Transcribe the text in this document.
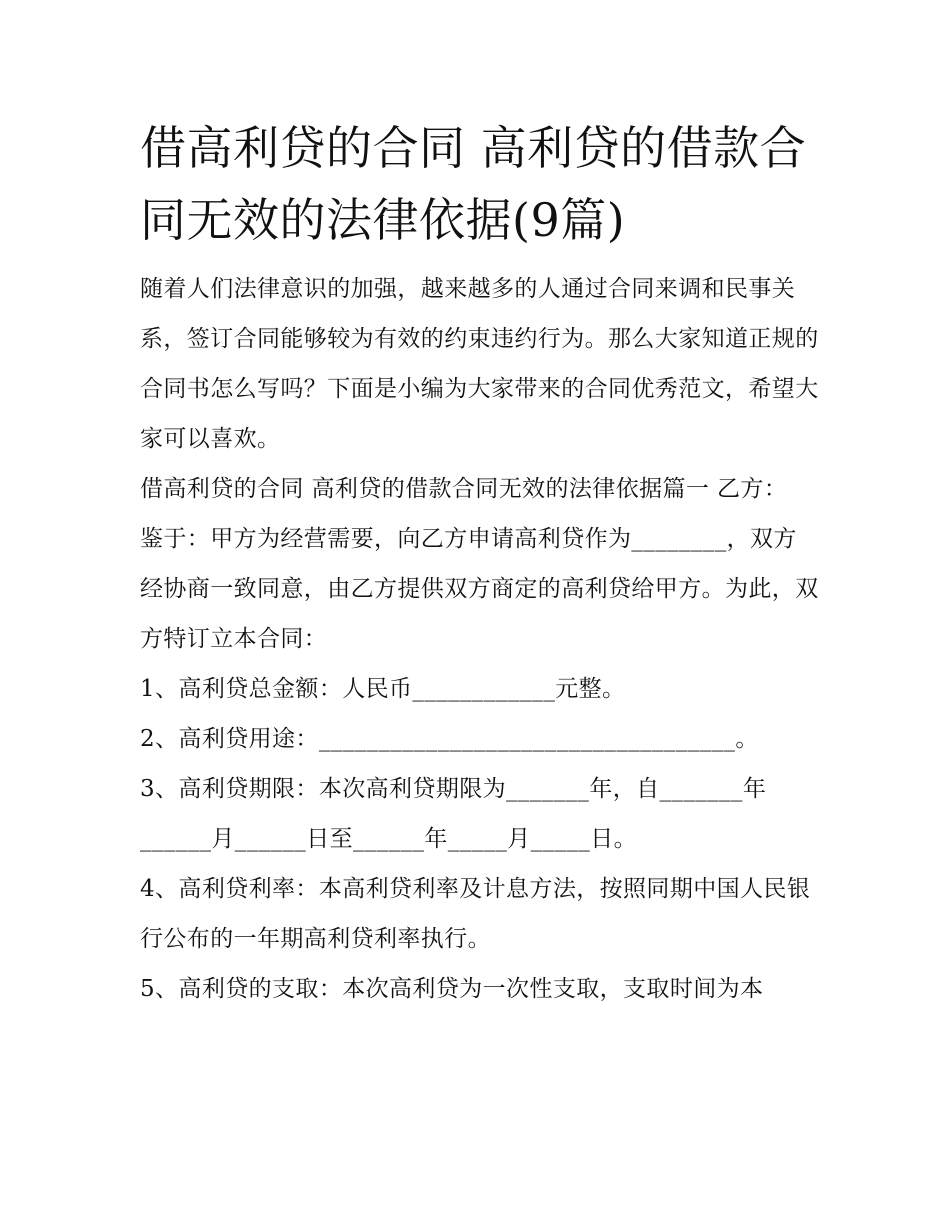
借高利贷的合同 高利贷的借款合同无效的法律依据(9篇)

随着人们法律意识的加强，越来越多的人通过合同来调和民事关系，签订合同能够较为有效的约束违约行为。那么大家知道正规的合同书怎么写吗？下面是小编为大家带来的合同优秀范文，希望大家可以喜欢。

借高利贷的合同 高利贷的借款合同无效的法律依据篇一 乙方：

鉴于：甲方为经营需要，向乙方申请高利贷作为________，双方经协商一致同意，由乙方提供双方商定的高利贷给甲方。为此，双方特订立本合同：

1、高利贷总金额：人民币____________元整。

2、高利贷用途：___________________________________。

3、高利贷期限：本次高利贷期限为_______年，自_______年______月______日至______年_____月_____日。

4、高利贷利率：本高利贷利率及计息方法，按照同期中国人民银行公布的一年期高利贷利率执行。

5、高利贷的支取：本次高利贷为一次性支取，支取时间为本
